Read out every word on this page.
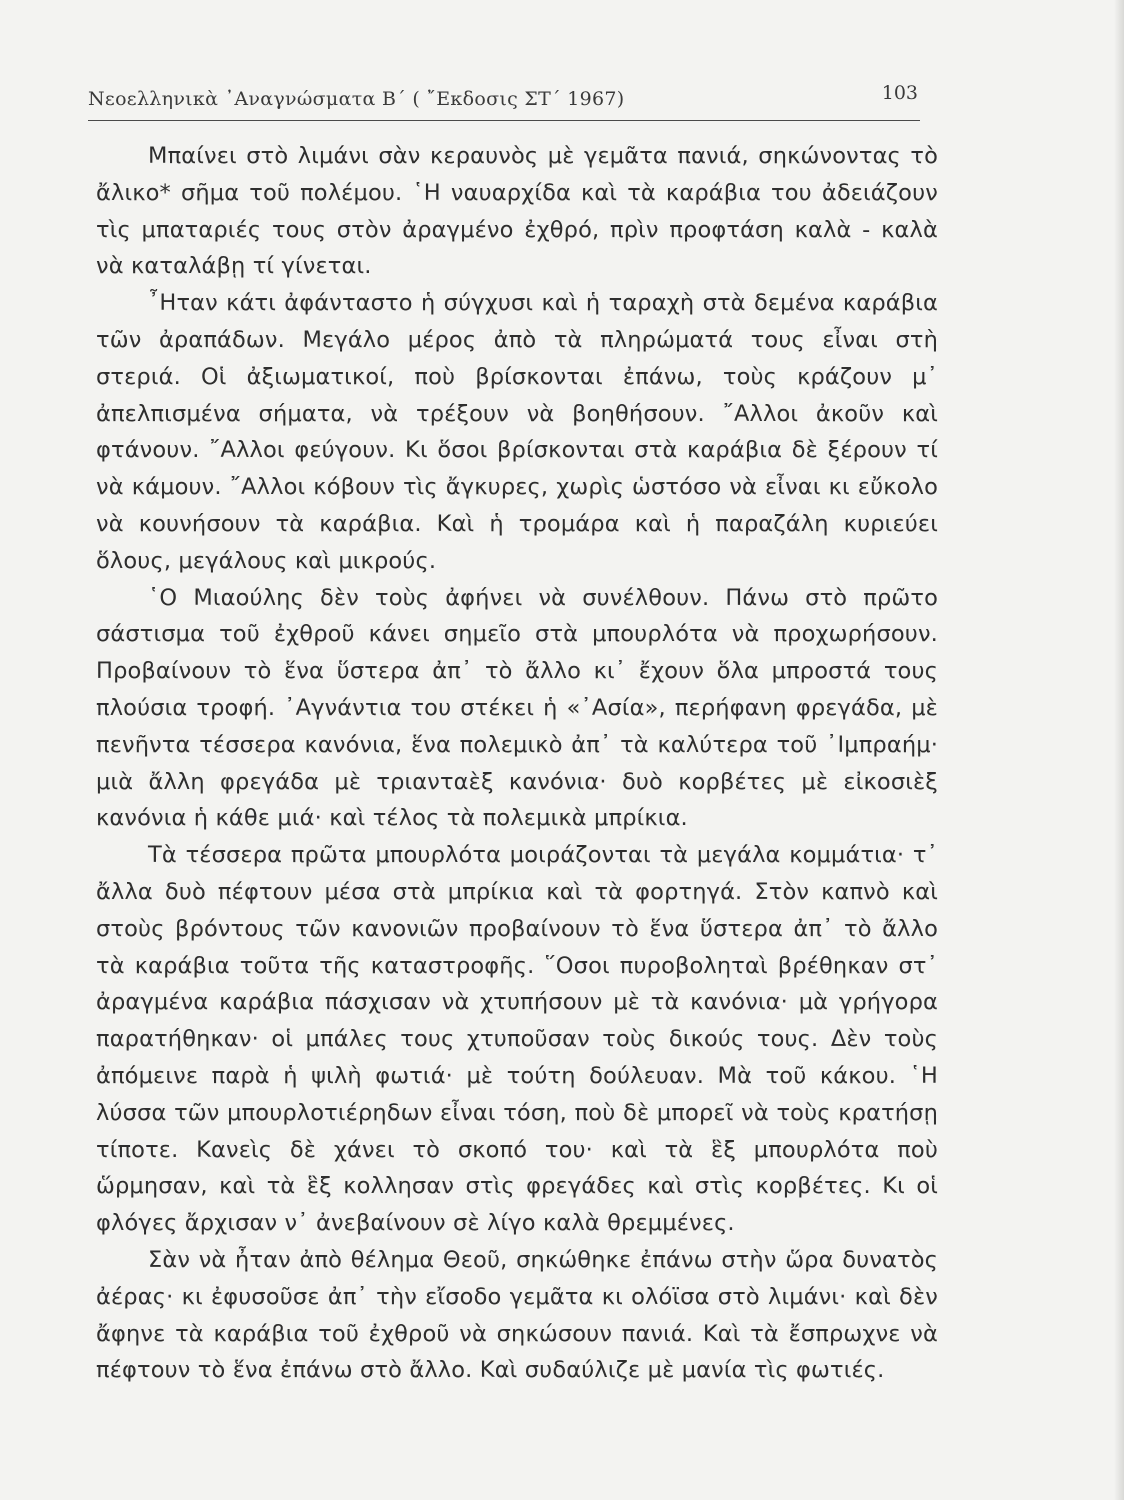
Νεοελληνικὰ ᾽Αναγνώσματα Β΄ ( ῎Εκδοσις ΣΤ΄ 1967)	103

Μπαίνει στὸ λιμάνι σὰν κεραυνὸς μὲ γεμᾶτα πανιά, σηκώνοντας τὸ ἄλικο* σῆμα τοῦ πολέμου. ῾Η ναυαρχίδα καὶ τὰ καράβια του ἀδειάζουν τὶς μπαταριές τους στὸν ἀραγμένο ἐχθρό, πρὶν προφτάση καλὰ - καλὰ νὰ καταλάβῃ τί γίνεται.

῏Ηταν κάτι ἀφάνταστο ἡ σύγχυσι καὶ ἡ ταραχὴ στὰ δεμένα καράβια τῶν ἀραπάδων. Μεγάλο μέρος ἀπὸ τὰ πληρώματά τους εἶναι στὴ στεριά. Οἱ ἀξιωματικοί, ποὺ βρίσκονται ἐπάνω, τοὺς κράζουν μ᾽ ἀπελπισμένα σήματα, νὰ τρέξουν νὰ βοηθήσουν. ῎Αλλοι ἀκοῦν καὶ φτάνουν. ῎Αλλοι φεύγουν. Κι ὅσοι βρίσκονται στὰ καράβια δὲ ξέρουν τί νὰ κάμουν. ῎Αλλοι κόβουν τὶς ἄγκυρες, χωρὶς ὡστόσο νὰ εἶναι κι εὔκολο νὰ κουνήσουν τὰ καράβια. Καὶ ἡ τρομάρα καὶ ἡ παραζάλη κυριεύει ὅλους, μεγάλους καὶ μικρούς.

῾Ο Μιαούλης δὲν τοὺς ἀφήνει νὰ συνέλθουν. Πάνω στὸ πρῶτο σάστισμα τοῦ ἐχθροῦ κάνει σημεῖο στὰ μπουρλότα νὰ προχωρήσουν. Προβαίνουν τὸ ἕνα ὕστερα ἀπ᾽ τὸ ἄλλο κι᾽ ἔχουν ὅλα μπροστά τους πλούσια τροφή. ᾽Αγνάντια του στέκει ἡ «᾽Ασία», περήφανη φρεγάδα, μὲ πενῆντα τέσσερα κανόνια, ἕνα πολεμικὸ ἀπ᾽ τὰ καλύτερα τοῦ ᾽Ιμπραήμ· μιὰ ἄλλη φρεγάδα μὲ τριανταὲξ κανόνια· δυὸ κορβέτες μὲ εἰκοσιὲξ κανόνια ἡ κάθε μιά· καὶ τέλος τὰ πολεμικὰ μπρίκια.

Τὰ τέσσερα πρῶτα μπουρλότα μοιράζονται τὰ μεγάλα κομμάτια· τ᾽ ἄλλα δυὸ πέφτουν μέσα στὰ μπρίκια καὶ τὰ φορτηγά. Στὸν καπνὸ καὶ στοὺς βρόντους τῶν κανονιῶν προβαίνουν τὸ ἕνα ὕστερα ἀπ᾽ τὸ ἄλλο τὰ καράβια τοῦτα τῆς καταστροφῆς. ῞Οσοι πυροβοληταὶ βρέθηκαν στ᾽ ἀραγμένα καράβια πάσχισαν νὰ χτυπήσουν μὲ τὰ κανόνια· μὰ γρήγορα παρατήθηκαν· οἱ μπάλες τους χτυποῦσαν τοὺς δικούς τους. Δὲν τοὺς ἀπόμεινε παρὰ ἡ ψιλὴ φωτιά· μὲ τούτη δούλευαν. Μὰ τοῦ κάκου. ῾Η λύσσα τῶν μπουρλοτιέρηδων εἶναι τόση, ποὺ δὲ μπορεῖ νὰ τοὺς κρατήσῃ τίποτε. Κανεὶς δὲ χάνει τὸ σκοπό του· καὶ τὰ ἓξ μπουρλότα ποὺ ὥρμησαν, καὶ τὰ ἓξ κολλησαν στὶς φρεγάδες καὶ στὶς κορβέτες. Κι οἱ φλόγες ἄρχισαν ν᾽ ἀνεβαίνουν σὲ λίγο καλὰ θρεμμένες.

Σὰν νὰ ἦταν ἀπὸ θέλημα Θεοῦ, σηκώθηκε ἐπάνω στὴν ὥρα δυνατὸς ἀέρας· κι ἐφυσοῦσε ἀπ᾽ τὴν εἴσοδο γεμᾶτα κι ολόϊσα στὸ λιμάνι· καὶ δὲν ἄφηνε τὰ καράβια τοῦ ἐχθροῦ νὰ σηκώσουν πανιά. Καὶ τὰ ἔσπρωχνε νὰ πέφτουν τὸ ἕνα ἐπάνω στὸ ἄλλο. Καὶ συδαύλιζε μὲ μανία τὶς φωτιές.
